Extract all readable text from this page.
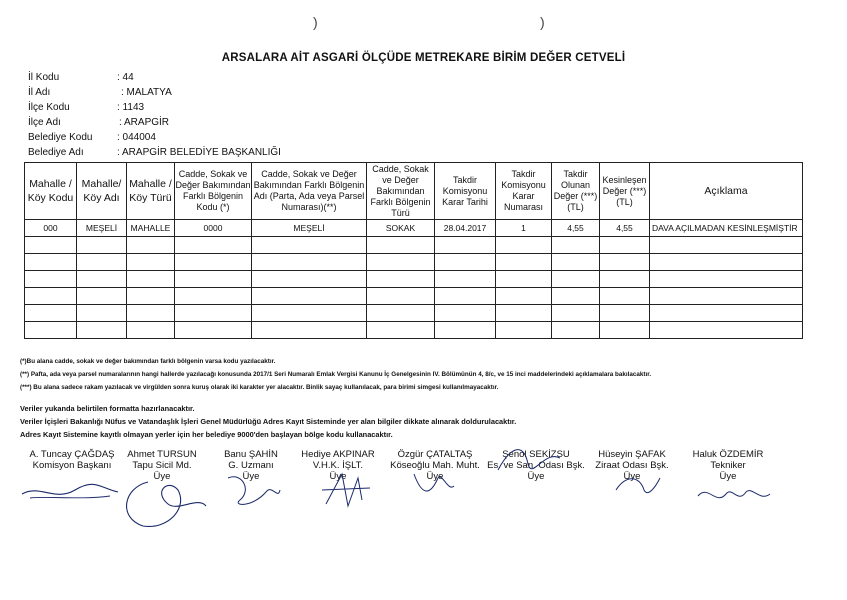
)	)
ARSALARA AİT ASGARİ ÖLÇÜDE METREKARE BİRİM DEĞER CETVELİ
İl Kodu	: 44
İl Adı	: MALATYA
İlçe Kodu	: 1143
İlçe Adı	: ARAPGİR
Belediye Kodu : 044004
Belediye Adı	: ARAPGİR BELEDİYE BAŞKANLIĞI
Mahalle / Köy Kodu	Mahalle/ Köy Adı	Mahalle / Köy Türü	Cadde, Sokak ve Değer Bakımından Farklı Bölgenin Kodu (*)	Cadde, Sokak ve Değer Bakımından Farklı Bölgenin Adı (Parta, Ada veya Parsel Numarası)(**)	Cadde, Sokak ve Değer Bakımından Farklı Bölgenin Türü	Takdir Komisyonu Karar Tarihi	Takdir Komisyonu Karar Numarası	Takdir Olunan Değer (***) (TL)	Kesinleşen Değer (***) (TL)	Açıklama
000	MEŞELİ	MAHALLE	0000	MEŞELİ	SOKAK	28.04.2017	1	4,55	4,55	DAVA AÇILMADAN KESİNLEŞMİŞTİR

(*)Bu alana cadde, sokak ve değer bakımından farklı bölgenin varsa kodu yazılacaktır.
(**) Pafta, ada veya parsel numaralarının hangi hallerde yazılacağı konusunda 2017/1 Seri Numaralı Emlak Vergisi Kanunu İç Genelgesinin IV. Bölümünün 4, 8/c, ve 15 inci maddelerindeki açıklamalara bakılacaktır.
(***) Bu alana sadece rakam yazılacak ve virgülden sonra kuruş olarak iki karakter yer alacaktır. Binlik sayaç kullanılacak, para birimi simgesi kullanılmayacaktır.
Veriler yukanda belirtilen formatta hazırlanacaktır.
Veriler İçişleri Bakanlığı Nüfus ve Vatandaşlık İşleri Genel Müdürlüğü Adres Kayıt Sisteminde yer alan bilgiler dikkate alınarak doldurulacaktır.
Adres Kayıt Sistemine kayıtlı olmayan yerler için her belediye 9000'den başlayan bölge kodu kullanacaktır.
A. Tuncay ÇAĞDAŞ
Komisyon Başkanı
Ahmet TURSUN
Tapu Sicil Md.
Üye
Banu ŞAHİN
G. Uzmanı
Üye
Hediye AKPINAR
V.H.K. İŞLT.
Üye
Özgür ÇATALTAŞ
Köseoğlu Mah. Muht.
Üye
Şenol SEKİZSU
Es. ve San. Odası Bşk.
Üye
Hüseyin ŞAFAK
Ziraat Odası Bşk.
Üye
Haluk ÖZDEMİR
Tekniker
Üye
